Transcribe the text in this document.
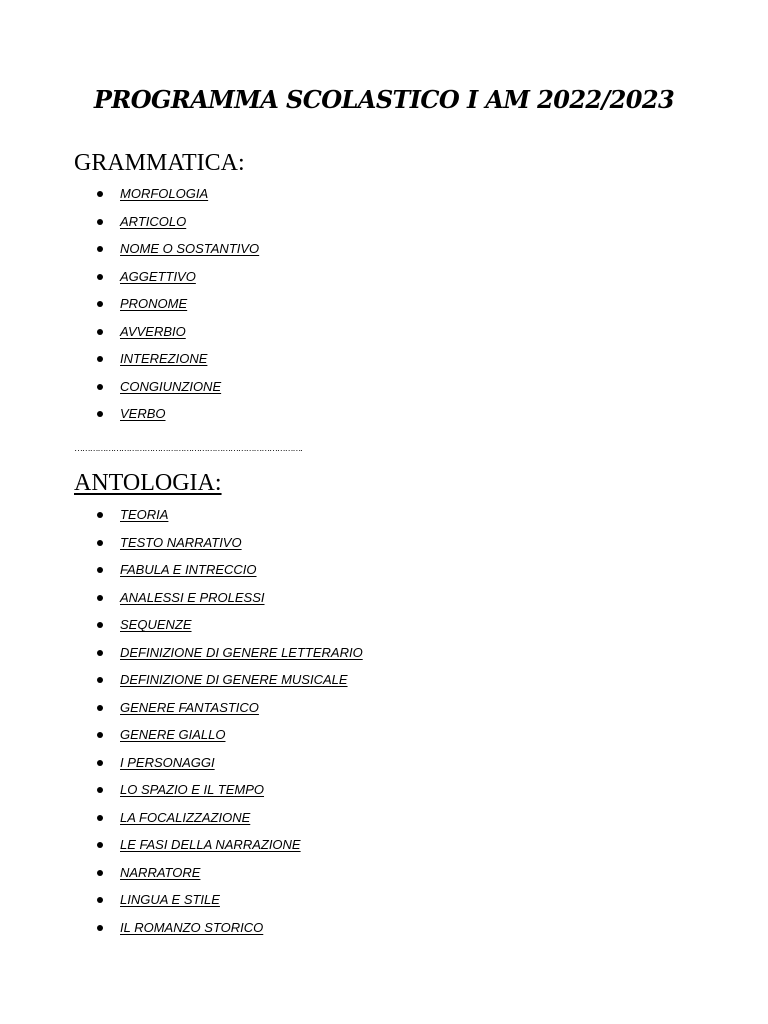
PROGRAMMA SCOLASTICO I AM 2022/2023
GRAMMATICA:
MORFOLOGIA
ARTICOLO
NOME O SOSTANTIVO
AGGETTIVO
PRONOME
AVVERBIO
INTEREZIONE
CONGIUNZIONE
VERBO
…………………………………………………………………………….
ANTOLOGIA:
TEORIA
TESTO NARRATIVO
FABULA E INTRECCIO
ANALESSI E PROLESSI
SEQUENZE
DEFINIZIONE DI GENERE LETTERARIO
DEFINIZIONE DI GENERE MUSICALE
GENERE FANTASTICO
GENERE GIALLO
I PERSONAGGI
LO SPAZIO E IL TEMPO
LA FOCALIZZAZIONE
LE FASI DELLA NARRAZIONE
NARRATORE
LINGUA E STILE
IL ROMANZO STORICO
